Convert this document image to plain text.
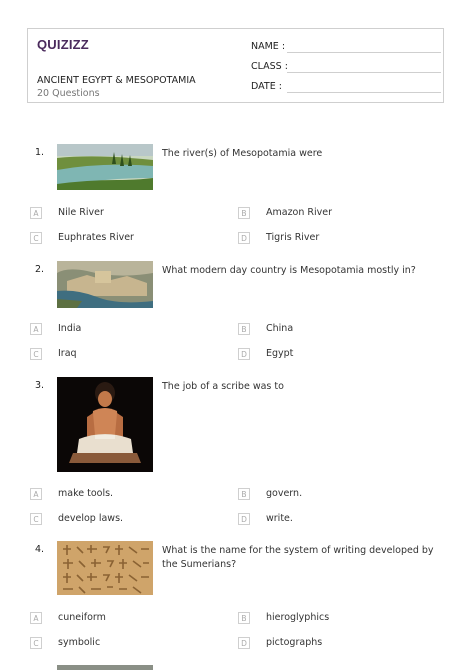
QUIZIZZ
ANCIENT EGYPT & MESOPOTAMIA
20 Questions
NAME :
CLASS :
DATE :
1.	The river(s) of Mesopotamia were
A	Nile River	B	Amazon River
C	Euphrates River	D	Tigris River
2.	What modern day country is Mesopotamia mostly in?
A	India	B	China
C	Iraq	D	Egypt
3.	The job of a scribe was to
A	make tools.	B	govern.
C	develop laws.	D	write.
4.	What is the name for the system of writing developed by the Sumerians?
A	cuneiform	B	hieroglyphics
C	symbolic	D	pictographs
